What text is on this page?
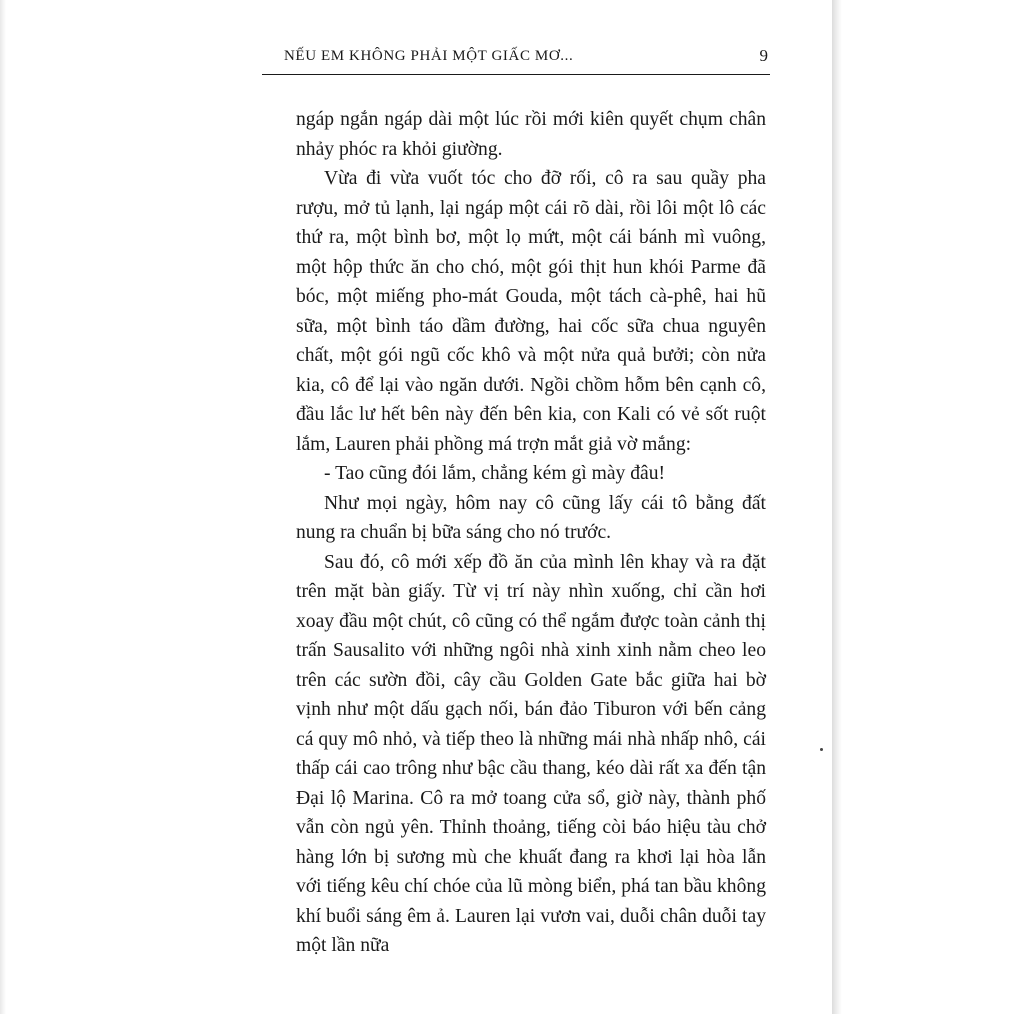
NẾU EM KHÔNG PHẢI MỘT GIẤC MƠ...	9

ngáp ngắn ngáp dài một lúc rồi mới kiên quyết chụm chân nhảy phóc ra khỏi giường.

Vừa đi vừa vuốt tóc cho đỡ rối, cô ra sau quầy pha rượu, mở tủ lạnh, lại ngáp một cái rõ dài, rồi lôi một lô các thứ ra, một bình bơ, một lọ mứt, một cái bánh mì vuông, một hộp thức ăn cho chó, một gói thịt hun khói Parme đã bóc, một miếng pho-mát Gouda, một tách cà-phê, hai hũ sữa, một bình táo dầm đường, hai cốc sữa chua nguyên chất, một gói ngũ cốc khô và một nửa quả bưởi; còn nửa kia, cô để lại vào ngăn dưới. Ngồi chồm hỗm bên cạnh cô, đầu lắc lư hết bên này đến bên kia, con Kali có vẻ sốt ruột lắm, Lauren phải phồng má trợn mắt giả vờ mắng:

- Tao cũng đói lắm, chẳng kém gì mày đâu!

Như mọi ngày, hôm nay cô cũng lấy cái tô bằng đất nung ra chuẩn bị bữa sáng cho nó trước.

Sau đó, cô mới xếp đồ ăn của mình lên khay và ra đặt trên mặt bàn giấy. Từ vị trí này nhìn xuống, chỉ cần hơi xoay đầu một chút, cô cũng có thể ngắm được toàn cảnh thị trấn Sausalito với những ngôi nhà xinh xinh nằm cheo leo trên các sườn đồi, cây cầu Golden Gate bắc giữa hai bờ vịnh như một dấu gạch nối, bán đảo Tiburon với bến cảng cá quy mô nhỏ, và tiếp theo là những mái nhà nhấp nhô, cái thấp cái cao trông như bậc cầu thang, kéo dài rất xa đến tận Đại lộ Marina. Cô ra mở toang cửa sổ, giờ này, thành phố vẫn còn ngủ yên. Thỉnh thoảng, tiếng còi báo hiệu tàu chở hàng lớn bị sương mù che khuất đang ra khơi lại hòa lẫn với tiếng kêu chí chóe của lũ mòng biển, phá tan bầu không khí buổi sáng êm ả. Lauren lại vươn vai, duỗi chân duỗi tay một lần nữa
